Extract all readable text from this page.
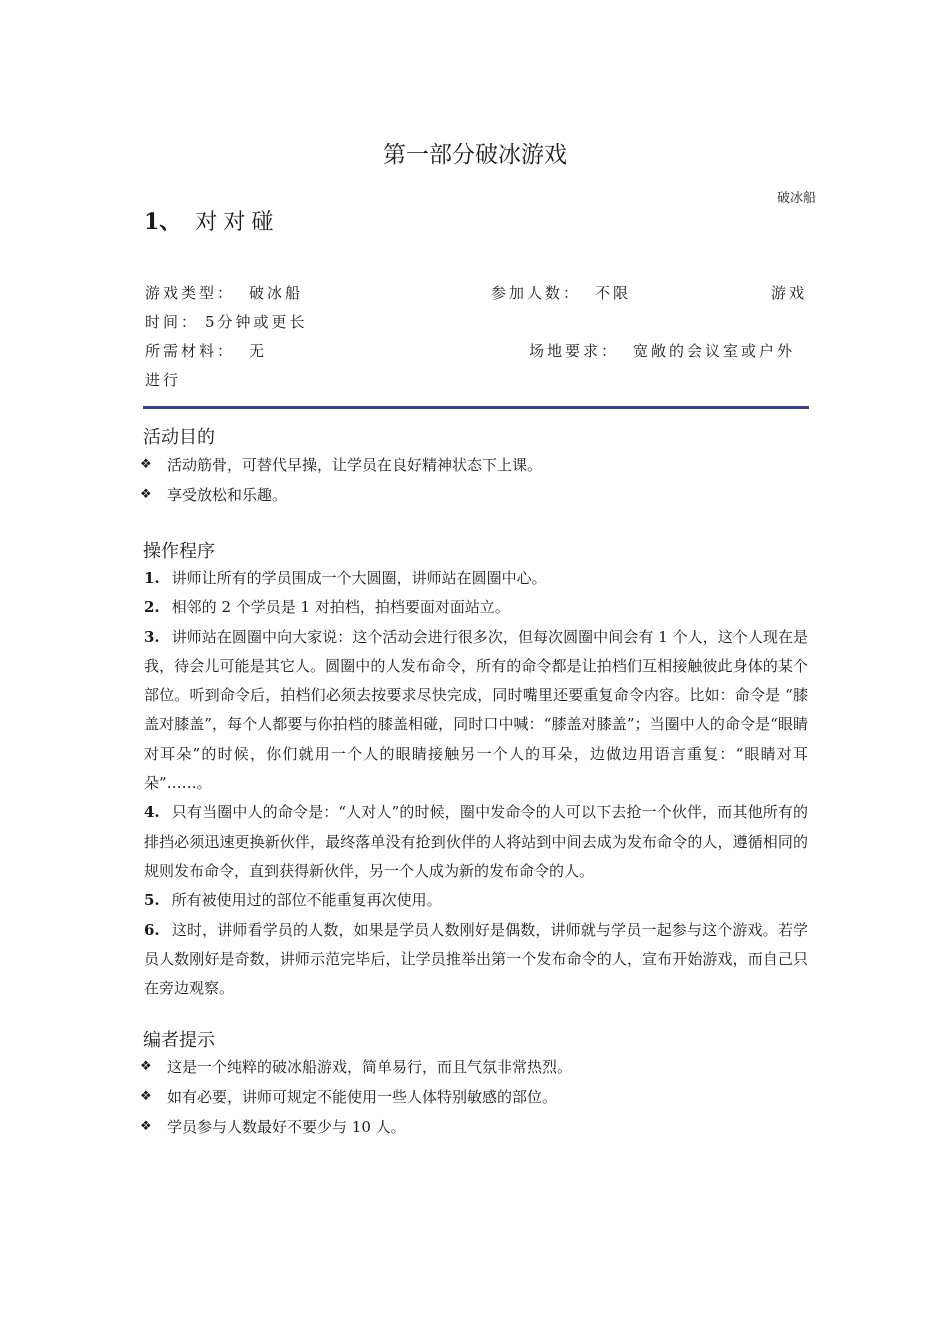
第一部分破冰游戏
破冰船
1、 对对碰
游戏类型： 破冰船	参加人数： 不限	游戏
时间： 5分钟或更长
所需材料： 无	场地要求： 宽敞的会议室或户外
进行
活动目的
❖ 活动筋骨，可替代早操，让学员在良好精神状态下上课。
❖ 享受放松和乐趣。
操作程序
1. 讲师让所有的学员围成一个大圆圈，讲师站在圆圈中心。
2. 相邻的 2 个学员是 1 对拍档，拍档要面对面站立。
3. 讲师站在圆圈中向大家说：这个活动会进行很多次，但每次圆圈中间会有 1 个人，这个人现在是我，待会儿可能是其它人。圆圈中的人发布命令，所有的命令都是让拍档们互相接触彼此身体的某个部位。听到命令后，拍档们必须去按要求尽快完成，同时嘴里还要重复命令内容。比如：命令是 “膝盖对膝盖”，每个人都要与你拍档的膝盖相碰，同时口中喊：“膝盖对膝盖”；当圈中人的命令是“眼睛对耳朵”的时候，你们就用一个人的眼睛接触另一个人的耳朵，边做边用语言重复：“眼睛对耳朵”……。
4. 只有当圈中人的命令是：“人对人”的时候，圈中发命令的人可以下去抢一个伙伴，而其他所有的排挡必须迅速更换新伙伴，最终落单没有抢到伙伴的人将站到中间去成为发布命令的人，遵循相同的规则发布命令，直到获得新伙伴，另一个人成为新的发布命令的人。
5. 所有被使用过的部位不能重复再次使用。
6. 这时，讲师看学员的人数，如果是学员人数刚好是偶数，讲师就与学员一起参与这个游戏。若学员人数刚好是奇数，讲师示范完毕后，让学员推举出第一个发布命令的人，宣布开始游戏，而自己只在旁边观察。
编者提示
❖ 这是一个纯粹的破冰船游戏，简单易行，而且气氛非常热烈。
❖ 如有必要，讲师可规定不能使用一些人体特别敏感的部位。
❖ 学员参与人数最好不要少与 10 人。
